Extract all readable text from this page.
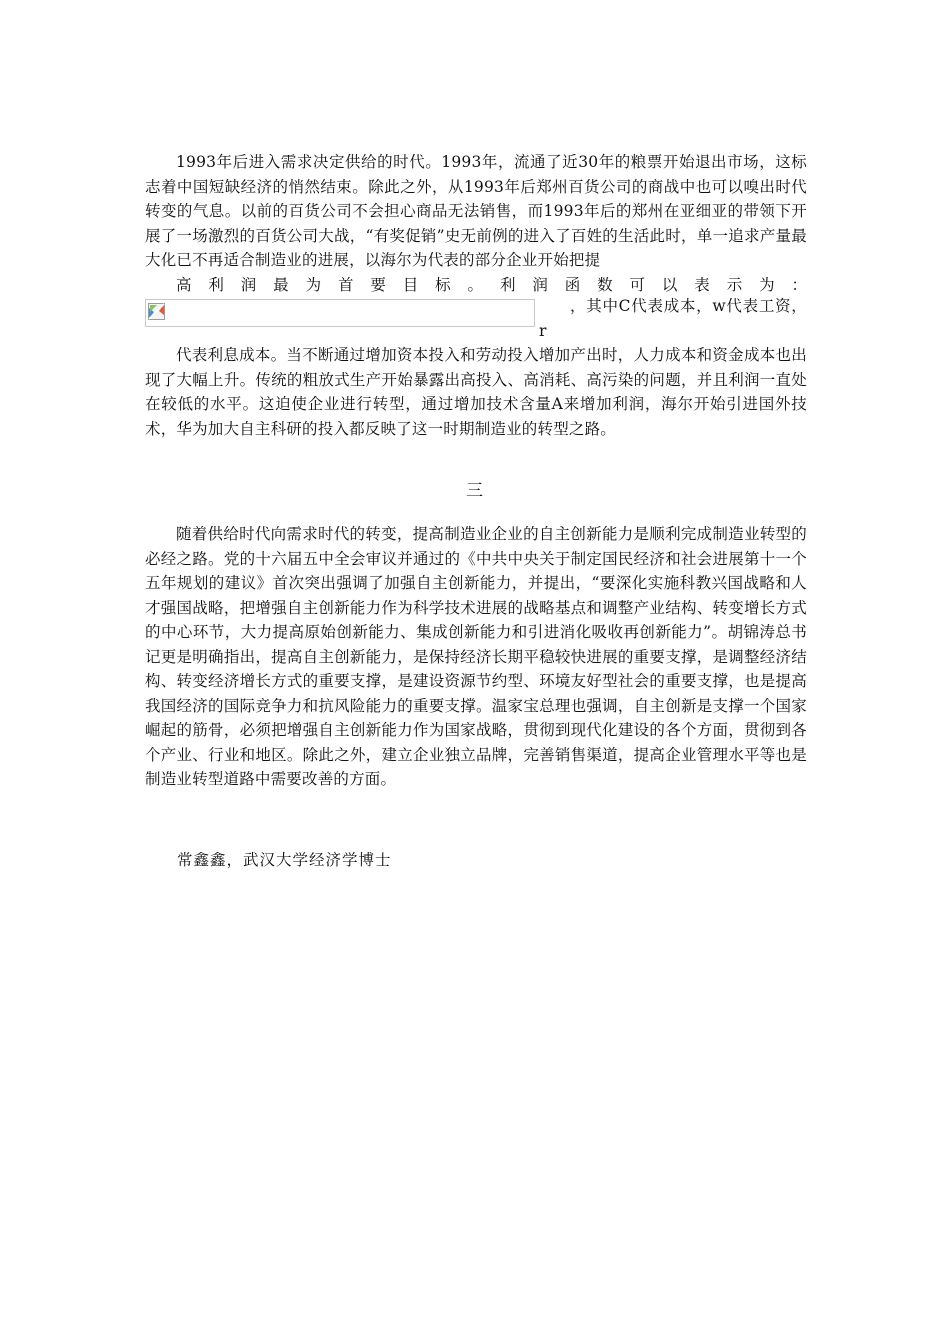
1993年后进入需求决定供给的时代。1993年，流通了近30年的粮票开始退出市场，这标志着中国短缺经济的悄然结束。除此之外，从1993年后郑州百货公司的商战中也可以嗅出时代转变的气息。以前的百货公司不会担心商品无法销售，而1993年后的郑州在亚细亚的带领下开展了一场激烈的百货公司大战，“有奖促销”史无前例的进入了百姓的生活此时，单一追求产量最大化已不再适合制造业的进展，以海尔为代表的部分企业开始把提
高利润最为首要目标。利润函数可以表示为：
，其中C代表成本，w代表工资，r
代表利息成本。当不断通过增加资本投入和劳动投入增加产出时，人力成本和资金成本也出现了大幅上升。传统的粗放式生产开始暴露出高投入、高消耗、高污染的问题，并且利润一直处在较低的水平。这迫使企业进行转型，通过增加技术含量A来增加利润，海尔开始引进国外技术，华为加大自主科研的投入都反映了这一时期制造业的转型之路。

三

随着供给时代向需求时代的转变，提高制造业企业的自主创新能力是顺利完成制造业转型的必经之路。党的十六届五中全会审议并通过的《中共中央关于制定国民经济和社会进展第十一个五年规划的建议》首次突出强调了加强自主创新能力，并提出，“要深化实施科教兴国战略和人才强国战略，把增强自主创新能力作为科学技术进展的战略基点和调整产业结构、转变增长方式的中心环节，大力提高原始创新能力、集成创新能力和引进消化吸收再创新能力”。胡锦涛总书记更是明确指出，提高自主创新能力，是保持经济长期平稳较快进展的重要支撑，是调整经济结构、转变经济增长方式的重要支撑，是建设资源节约型、环境友好型社会的重要支撑，也是提高我国经济的国际竞争力和抗风险能力的重要支撑。温家宝总理也强调，自主创新是支撑一个国家崛起的筋骨，必须把增强自主创新能力作为国家战略，贯彻到现代化建设的各个方面，贯彻到各个产业、行业和地区。除此之外，建立企业独立品牌，完善销售渠道，提高企业管理水平等也是制造业转型道路中需要改善的方面。

常鑫鑫，武汉大学经济学博士
